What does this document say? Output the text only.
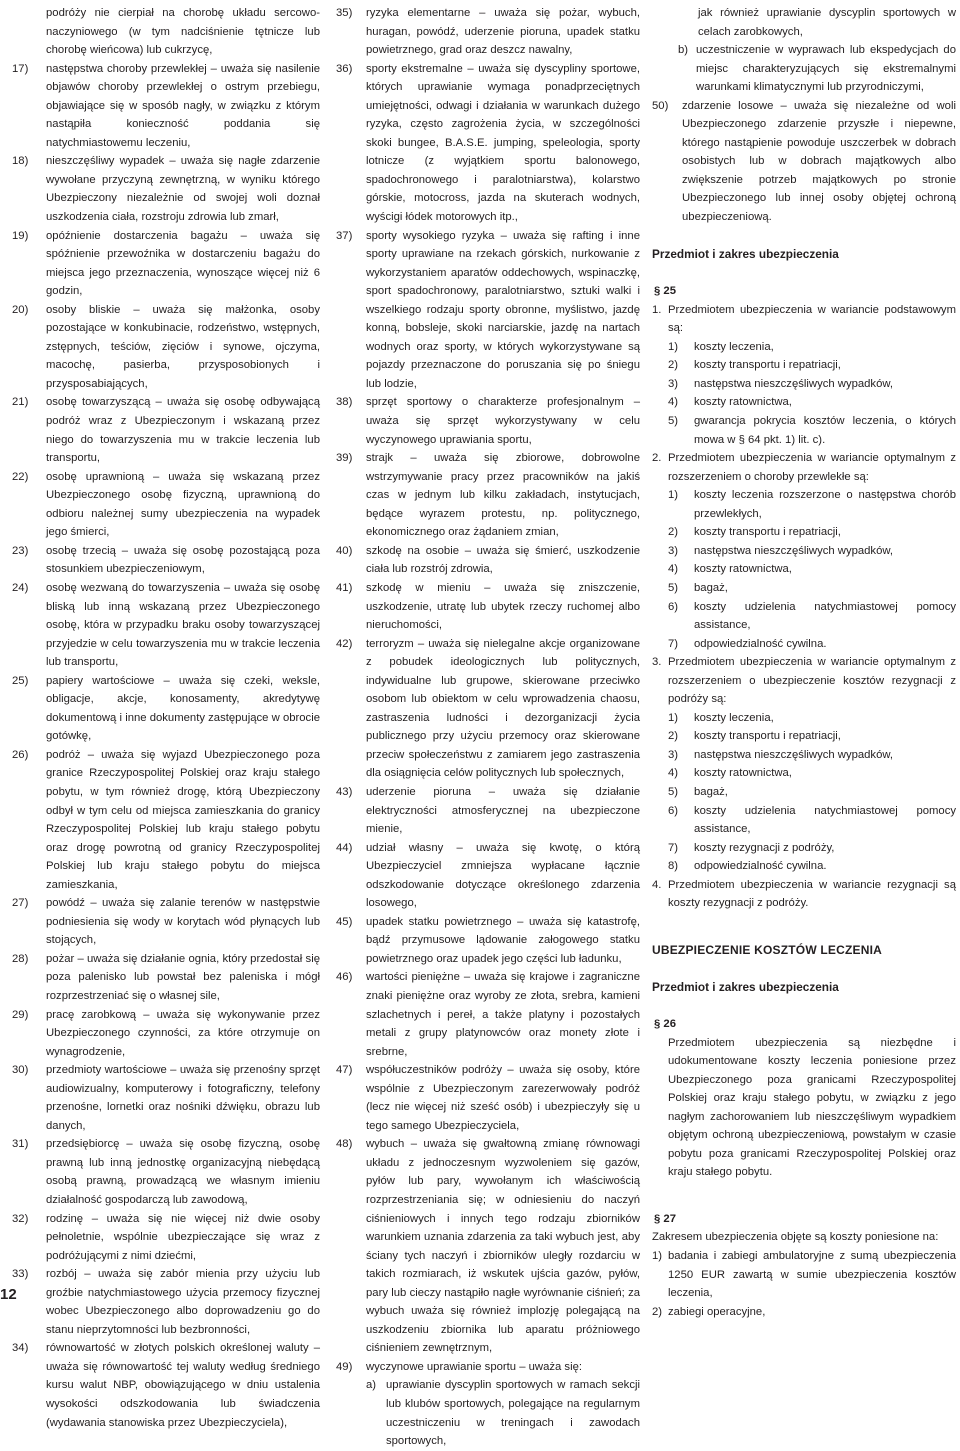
podróży nie cierpiał na chorobę układu sercowo-naczyniowego (w tym nadciśnienie tętnicze lub chorobę wieńcowa) lub cukrzycę,
17)	następstwa choroby przewlekłej – uważa się nasilenie objawów choroby przewlekłej o ostrym przebiegu, objawiające się w sposób nagły, w związku z którym nastąpiła konieczność poddania się natychmiastowemu leczeniu,
18)	nieszczęśliwy wypadek – uważa się nagłe zdarzenie wywołane przyczyną zewnętrzną, w wyniku którego Ubezpieczony niezależnie od swojej woli doznał uszkodzenia ciała, rozstroju zdrowia lub zmarł,
19)	opóźnienie dostarczenia bagażu – uważa się spóźnienie przewoźnika w dostarczeniu bagażu do miejsca jego przeznaczenia, wynoszące więcej niż 6 godzin,
20)	osoby bliskie – uważa się małżonka, osoby pozostające w konkubinacie, rodzeństwo, wstępnych, zstępnych, teściów, zięciów i synowe, ojczyma, macochę, pasierba, przysposobionych i przysposabiających,
21)	osobę towarzyszącą – uważa się osobę odbywającą podróż wraz z Ubezpieczonym i wskazaną przez niego do towarzyszenia mu w trakcie leczenia lub transportu,
22)	osobę uprawnioną – uważa się wskazaną przez Ubezpieczonego osobę fizyczną, uprawnioną do odbioru należnej sumy ubezpieczenia na wypadek jego śmierci,
23)	osobę trzecią – uważa się osobę pozostającą poza stosunkiem ubezpieczeniowym,
24)	osobę wezwaną do towarzyszenia – uważa się osobę bliską lub inną wskazaną przez Ubezpieczonego osobę, która w przypadku braku osoby towarzyszącej przyjedzie w celu towarzyszenia mu w trakcie leczenia lub transportu,
25)	papiery wartościowe – uważa się czeki, weksle, obligacje, akcje, konosamenty, akredytywę dokumentową i inne dokumenty zastępujące w obrocie gotówkę,
26)	podróż – uważa się wyjazd Ubezpieczonego poza granice Rzeczypospolitej Polskiej oraz kraju stałego pobytu, w tym również drogę, którą Ubezpieczony odbył w tym celu od miejsca zamieszkania do granicy Rzeczypospolitej Polskiej lub kraju stałego pobytu oraz drogę powrotną od granicy Rzeczypospolitej Polskiej lub kraju stałego pobytu do miejsca zamieszkania,
27)	powódź – uważa się zalanie terenów w następstwie podniesienia się wody w korytach wód płynących lub stojących,
28)	pożar – uważa się działanie ognia, który przedostał się poza palenisko lub powstał bez paleniska i mógł rozprzestrzeniać się o własnej sile,
29)	pracę zarobkową – uważa się wykonywanie przez Ubezpieczonego czynności, za które otrzymuje on wynagrodzenie,
30)	przedmioty wartościowe – uważa się przenośny sprzęt audiowizualny, komputerowy i fotograficzny, telefony przenośne, lornetki oraz nośniki dźwięku, obrazu lub danych,
31)	przedsiębiorcę – uważa się osobę fizyczną, osobę prawną lub inną jednostkę organizacyjną niebędącą osobą prawną, prowadzącą we własnym imieniu działalność gospodarczą lub zawodową,
32)	rodzinę – uważa się nie więcej niż dwie osoby pełnoletnie, wspólnie ubezpieczające się wraz z podróżującymi z nimi dziećmi,
33)	rozbój – uważa się zabór mienia przy użyciu lub groźbie natychmiastowego użycia przemocy fizycznej wobec Ubezpieczonego albo doprowadzeniu go do stanu nieprzytomności lub bezbronności,
34)	równowartość w złotych polskich określonej waluty – uważa się równowartość tej waluty według średniego kursu walut NBP, obowiązującego w dniu ustalenia wysokości odszkodowania lub świadczenia (wydawania stanowiska przez Ubezpieczyciela),
35)	ryzyka elementarne – uważa się pożar, wybuch, huragan, powódź, uderzenie pioruna, upadek statku powietrznego, grad oraz deszcz nawalny,
36)	sporty ekstremalne – uważa się dyscypliny sportowe, których uprawianie wymaga ponadprzeciętnych umiejętności, odwagi i działania w warunkach dużego ryzyka, często zagrożenia życia, w szczególności skoki bungee, B.A.S.E. jumping, speleologia, sporty lotnicze (z wyjątkiem sportu balonowego, spadochronowego i paralotniarstwa), kolarstwo górskie, motocross, jazda na skuterach wodnych, wyścigi łódek motorowych itp.,
37)	sporty wysokiego ryzyka – uważa się rafting i inne sporty uprawiane na rzekach górskich, nurkowanie z wykorzystaniem aparatów oddechowych, wspinaczkę, sport spadochronowy, paralotniarstwo, sztuki walki i wszelkiego rodzaju sporty obronne, myślistwo, jazdę konną, bobsleje, skoki narciarskie, jazdę na nartach wodnych oraz sporty, w których wykorzystywane są pojazdy przeznaczone do poruszania się po śniegu lub lodzie,
38)	sprzęt sportowy o charakterze profesjonalnym – uważa się sprzęt wykorzystywany w celu wyczynowego uprawiania sportu,
39)	strajk – uważa się zbiorowe, dobrowolne wstrzymywanie pracy przez pracowników na jakiś czas w jednym lub kilku zakładach, instytucjach, będące wyrazem protestu, np. politycznego, ekonomicznego oraz żądaniem zmian,
40)	szkodę na osobie – uważa się śmierć, uszkodzenie ciała lub rozstrój zdrowia,
41)	szkodę w mieniu – uważa się zniszczenie, uszkodzenie, utratę lub ubytek rzeczy ruchomej albo nieruchomości,
42)	terroryzm – uważa się nielegalne akcje organizowane z pobudek ideologicznych lub politycznych, indywidualne lub grupowe, skierowane przeciwko osobom lub obiektom w celu wprowadzenia chaosu, zastraszenia ludności i dezorganizacji życia publicznego przy użyciu przemocy oraz skierowane przeciw społeczeństwu z zamiarem jego zastraszenia dla osiągnięcia celów politycznych lub społecznych,
43)	uderzenie pioruna – uważa się działanie elektryczności atmosferycznej na ubezpieczone mienie,
44)	udział własny – uważa się kwotę, o którą Ubezpieczyciel zmniejsza wypłacane łącznie odszkodowanie dotyczące określonego zdarzenia losowego,
45)	upadek statku powietrznego – uważa się katastrofę, bądź przymusowe lądowanie załogowego statku powietrznego oraz upadek jego części lub ładunku,
46)	wartości pieniężne – uważa się krajowe i zagraniczne znaki pieniężne oraz wyroby ze złota, srebra, kamieni szlachetnych i pereł, a także platyny i pozostałych metali z grupy platynowców oraz monety złote i srebrne,
47)	współuczestników podróży – uważa się osoby, które wspólnie z Ubezpieczonym zarezerwowały podróż (lecz nie więcej niż sześć osób) i ubezpieczyły się u tego samego Ubezpieczyciela,
48)	wybuch – uważa się gwałtowną zmianę równowagi układu z jednoczesnym wyzwoleniem się gazów, pyłów lub pary, wywołanym ich właściwością rozprzestrzeniania się; w odniesieniu do naczyń ciśnieniowych i innych tego rodzaju zbiorników warunkiem uznania zdarzenia za taki wybuch jest, aby ściany tych naczyń i zbiorników uległy rozdarciu w takich rozmiarach, iż wskutek ujścia gazów, pyłów, pary lub cieczy nastąpiło nagłe wyrównanie ciśnień; za wybuch uważa się również implozję polegającą na uszkodzeniu zbiornika lub aparatu próżniowego ciśnieniem zewnętrznym,
49)	wyczynowe uprawianie sportu – uważa się:
a) uprawianie dyscyplin sportowych w ramach sekcji lub klubów sportowych, polegające na regularnym uczestniczeniu w treningach i zawodach sportowych,
jak również uprawianie dyscyplin sportowych w celach zarobkowych,
b) uczestniczenie w wyprawach lub ekspedycjach do miejsc charakteryzujących się ekstremalnymi warunkami klimatycznymi lub przyrodniczymi,
50)	zdarzenie losowe – uważa się niezależne od woli Ubezpieczonego zdarzenie przyszłe i niepewne, którego nastąpienie powoduje uszczerbek w dobrach osobistych lub w dobrach majątkowych albo zwiększenie potrzeb majątkowych po stronie Ubezpieczonego lub innej osoby objętej ochroną ubezpieczeniową.
Przedmiot i zakres ubezpieczenia
§ 25
1. Przedmiotem ubezpieczenia w wariancie podstawowym są:
1)	koszty leczenia,
2)	koszty transportu i repatriacji,
3)	następstwa nieszczęśliwych wypadków,
4)	koszty ratownictwa,
5)	gwarancja pokrycia kosztów leczenia, o których mowa w § 64 pkt. 1) lit. c).
2. Przedmiotem ubezpieczenia w wariancie optymalnym z rozszerzeniem o choroby przewlekłe są:
1)	koszty leczenia rozszerzone o następstwa chorób przewlekłych,
2)	koszty transportu i repatriacji,
3)	następstwa nieszczęśliwych wypadków,
4)	koszty ratownictwa,
5)	bagaż,
6)	koszty udzielenia natychmiastowej pomocy assistance,
7)	odpowiedzialność cywilna.
3. Przedmiotem ubezpieczenia w wariancie optymalnym z rozszerzeniem o ubezpieczenie kosztów rezygnacji z podróży są:
1)	koszty leczenia,
2)	koszty transportu i repatriacji,
3)	następstwa nieszczęśliwych wypadków,
4)	koszty ratownictwa,
5)	bagaż,
6)	koszty udzielenia natychmiastowej pomocy assistance,
7)	koszty rezygnacji z podróży,
8)	odpowiedzialność cywilna.
4. Przedmiotem ubezpieczenia w wariancie rezygnacji są koszty rezygnacji z podróży.
UBEZPIECZENIE KOSZTÓW LECZENIA
Przedmiot i zakres ubezpieczenia
§ 26
Przedmiotem ubezpieczenia są niezbędne i udokumentowane koszty leczenia poniesione przez Ubezpieczonego poza granicami Rzeczypospolitej Polskiej oraz kraju stałego pobytu, w związku z jego nagłym zachorowaniem lub nieszczęśliwym wypadkiem objętym ochroną ubezpieczeniową, powstałym w czasie pobytu poza granicami Rzeczypospolitej Polskiej oraz kraju stałego pobytu.
§ 27
Zakresem ubezpieczenia objęte są koszty poniesione na:
1) badania i zabiegi ambulatoryjne z sumą ubezpieczenia 1250 EUR zawartą w sumie ubezpieczenia kosztów leczenia,
2) zabiegi operacyjne,
12
